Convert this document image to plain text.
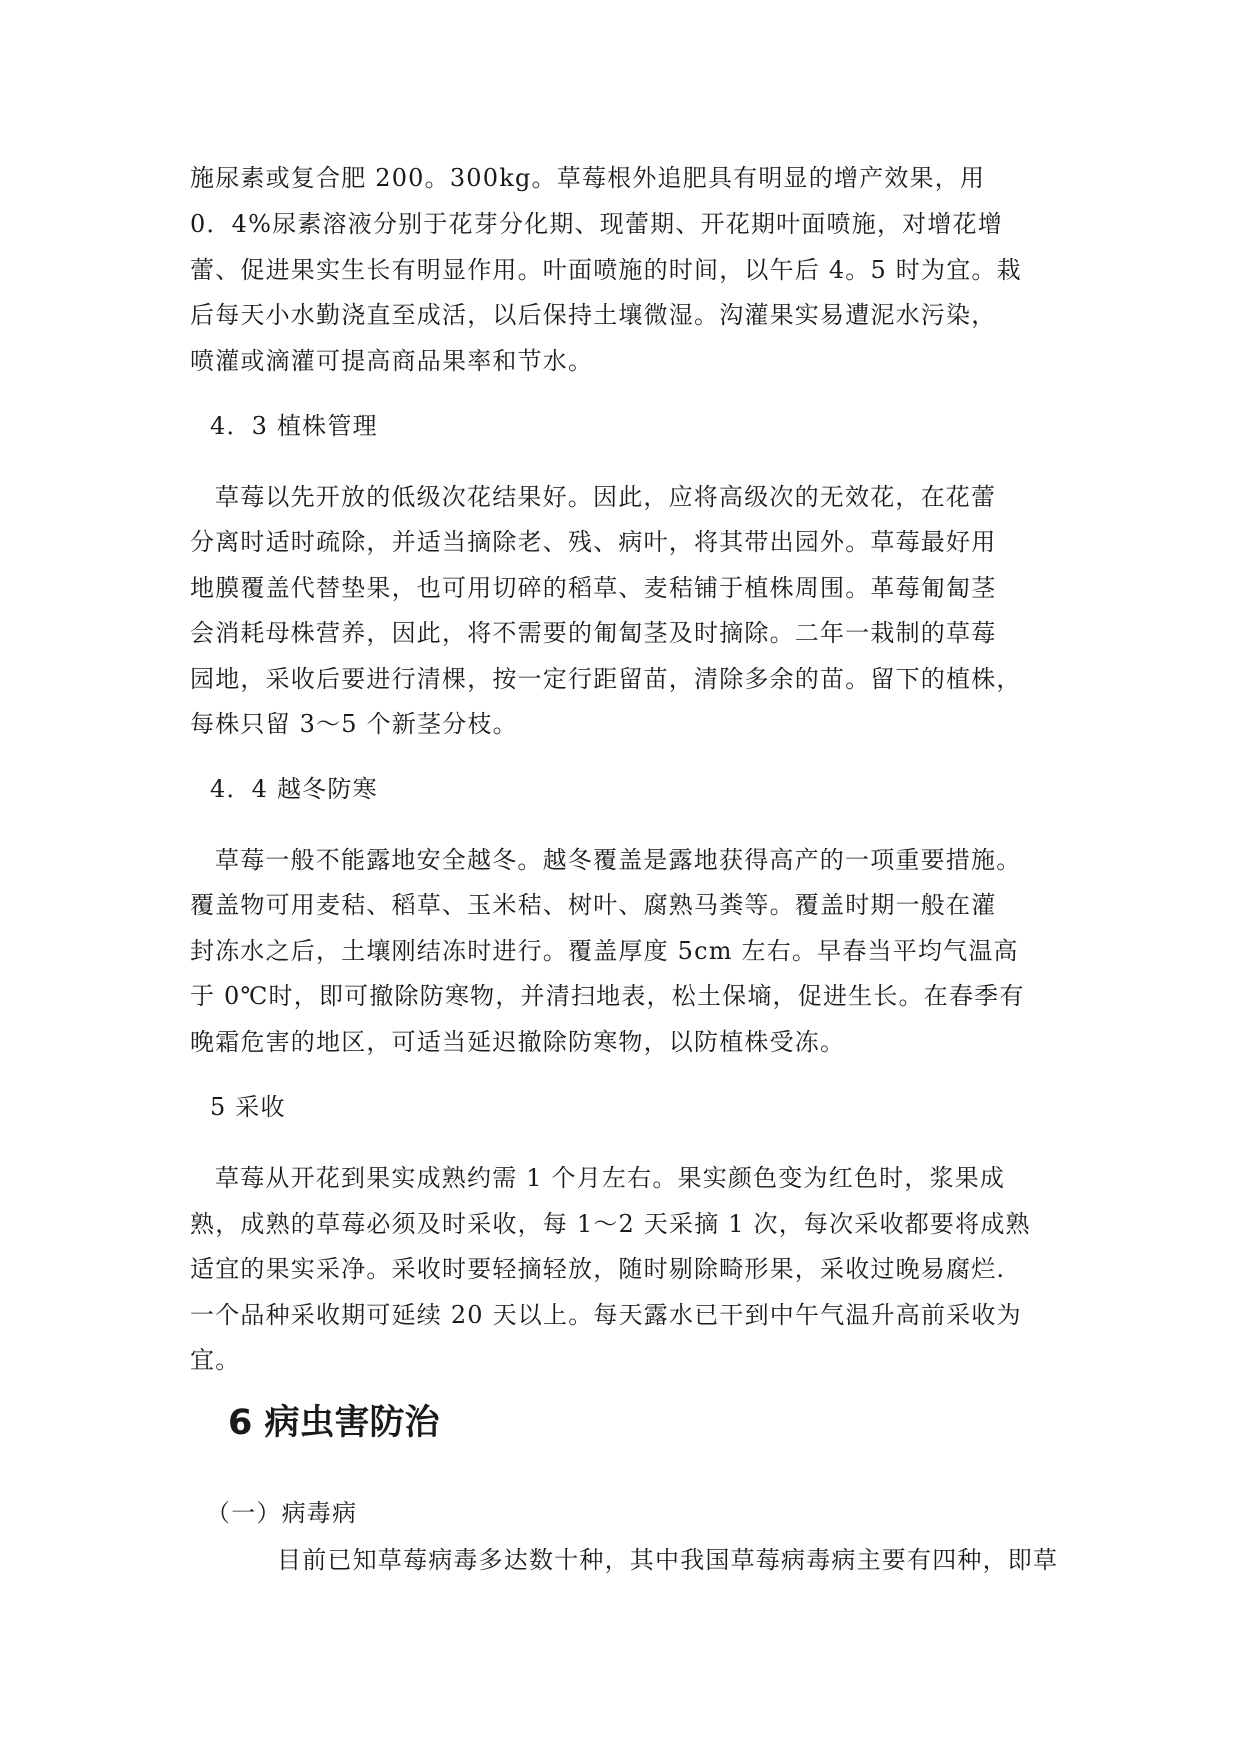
施尿素或复合肥 200。300kg。草莓根外追肥具有明显的增产效果，用
0．4%尿素溶液分别于花芽分化期、现蕾期、开花期叶面喷施，对增花增
蕾、促进果实生长有明显作用。叶面喷施的时间，以午后 4。5 时为宜。栽
后每天小水勤浇直至成活，以后保持土壤微湿。沟灌果实易遭泥水污染，
喷灌或滴灌可提高商品果率和节水。
4．3 植株管理
草莓以先开放的低级次花结果好。因此，应将高级次的无效花，在花蕾
分离时适时疏除，并适当摘除老、残、病叶，将其带出园外。草莓最好用
地膜覆盖代替垫果，也可用切碎的稻草、麦秸铺于植株周围。革莓匍匐茎
会消耗母株营养，因此，将不需要的匍匐茎及时摘除。二年一栽制的草莓
园地，采收后要进行清棵，按一定行距留苗，清除多余的苗。留下的植株，
每株只留 3～5 个新茎分枝。
4．4 越冬防寒
草莓一般不能露地安全越冬。越冬覆盖是露地获得高产的一项重要措施。
覆盖物可用麦秸、稻草、玉米秸、树叶、腐熟马粪等。覆盖时期一般在灌
封冻水之后，土壤刚结冻时进行。覆盖厚度 5cm 左右。早春当平均气温高
于 0℃时，即可撤除防寒物，并清扫地表，松土保墒，促进生长。在春季有
晚霜危害的地区，可适当延迟撤除防寒物，以防植株受冻。
5 采收
草莓从开花到果实成熟约需 1 个月左右。果实颜色变为红色时，浆果成
熟，成熟的草莓必须及时采收，每 1～2 天采摘 1 次，每次采收都要将成熟
适宜的果实采净。采收时要轻摘轻放，随时剔除畸形果，采收过晚易腐烂.
一个品种采收期可延续 20 天以上。每天露水已干到中午气温升高前采收为
宜。
6 病虫害防治
（一）病毒病
目前已知草莓病毒多达数十种，其中我国草莓病毒病主要有四种，即草
